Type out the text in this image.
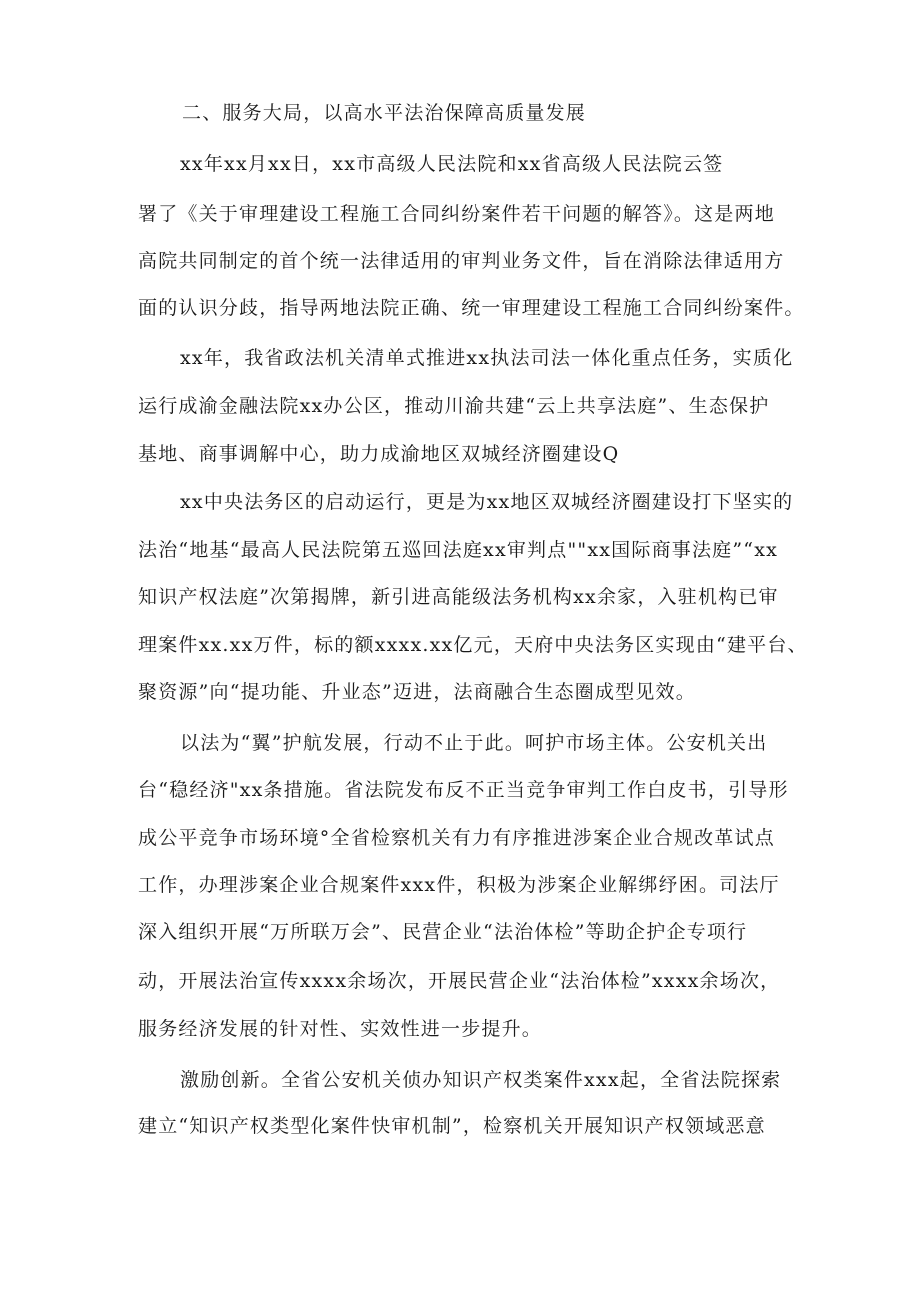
二、服务大局，以高水平法治保障高质量发展
xx年xx月xx日，xx市高级人民法院和xx省高级人民法院云签
署了《关于审理建设工程施工合同纠纷案件若干问题的解答》。这是两地
高院共同制定的首个统一法律适用的审判业务文件，旨在消除法律适用方
面的认识分歧，指导两地法院正确、统一审理建设工程施工合同纠纷案件。
xx年，我省政法机关清单式推进xx执法司法一体化重点任务，实质化
运行成渝金融法院xx办公区，推动川渝共建“云上共享法庭”、生态保护
基地、商事调解中心，助力成渝地区双城经济圈建设Q
xx中央法务区的启动运行，更是为xx地区双城经济圈建设打下坚实的
法治“地基“最高人民法院第五巡回法庭xx审判点""xx国际商事法庭”“xx
知识产权法庭”次第揭牌，新引进高能级法务机构xx余家，入驻机构已审
理案件xx.xx万件，标的额xxxx.xx亿元，天府中央法务区实现由“建平台、
聚资源”向“提功能、升业态”迈进，法商融合生态圈成型见效。
以法为“翼”护航发展，行动不止于此。呵护市场主体。公安机关出
台“稳经济"xx条措施。省法院发布反不正当竞争审判工作白皮书，引导形
成公平竞争市场环境°全省检察机关有力有序推进涉案企业合规改革试点
工作，办理涉案企业合规案件xxx件，积极为涉案企业解绑纾困。司法厅
深入组织开展“万所联万会”、民营企业“法治体检”等助企护企专项行
动，开展法治宣传xxxx余场次，开展民营企业“法治体检”xxxx余场次，
服务经济发展的针对性、实效性进一步提升。
激励创新。全省公安机关侦办知识产权类案件xxx起，全省法院探索
建立“知识产权类型化案件快审机制”，检察机关开展知识产权领域恶意
